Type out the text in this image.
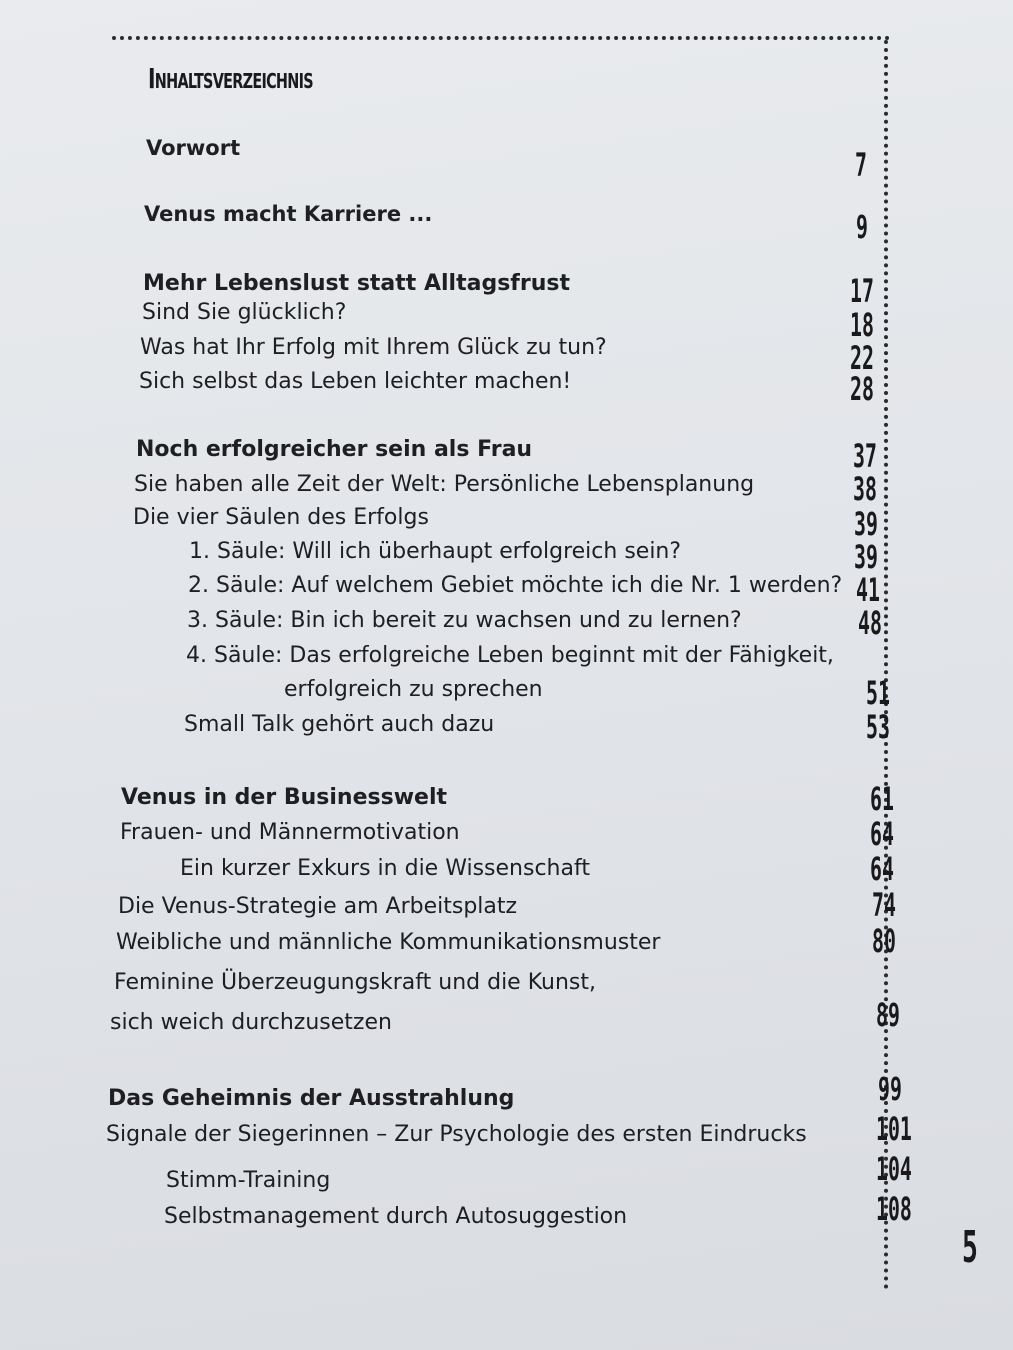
Inhaltsverzeichnis
Vorwort	7
Venus macht Karriere ...	9
Mehr Lebenslust statt Alltagsfrust	17
Sind Sie glücklich?	18
Was hat Ihr Erfolg mit Ihrem Glück zu tun?	22
Sich selbst das Leben leichter machen!	28
Noch erfolgreicher sein als Frau	37
Sie haben alle Zeit der Welt: Persönliche Lebensplanung	38
Die vier Säulen des Erfolgs	39
1. Säule: Will ich überhaupt erfolgreich sein?	39
2. Säule: Auf welchem Gebiet möchte ich die Nr. 1 werden? 41
3. Säule: Bin ich bereit zu wachsen und zu lernen?	48
4. Säule: Das erfolgreiche Leben beginnt mit der Fähigkeit,
erfolgreich zu sprechen	51
Small Talk gehört auch dazu	53
Venus in der Businesswelt	61
Frauen- und Männermotivation	64
Ein kurzer Exkurs in die Wissenschaft	64
Die Venus-Strategie am Arbeitsplatz	74
Weibliche und männliche Kommunikationsmuster	80
Feminine Überzeugungskraft und die Kunst,
sich weich durchzusetzen	89
Das Geheimnis der Ausstrahlung	99
Signale der Siegerinnen – Zur Psychologie des ersten Eindrucks 101
Stimm-Training	104
Selbstmanagement durch Autosuggestion	108
5
